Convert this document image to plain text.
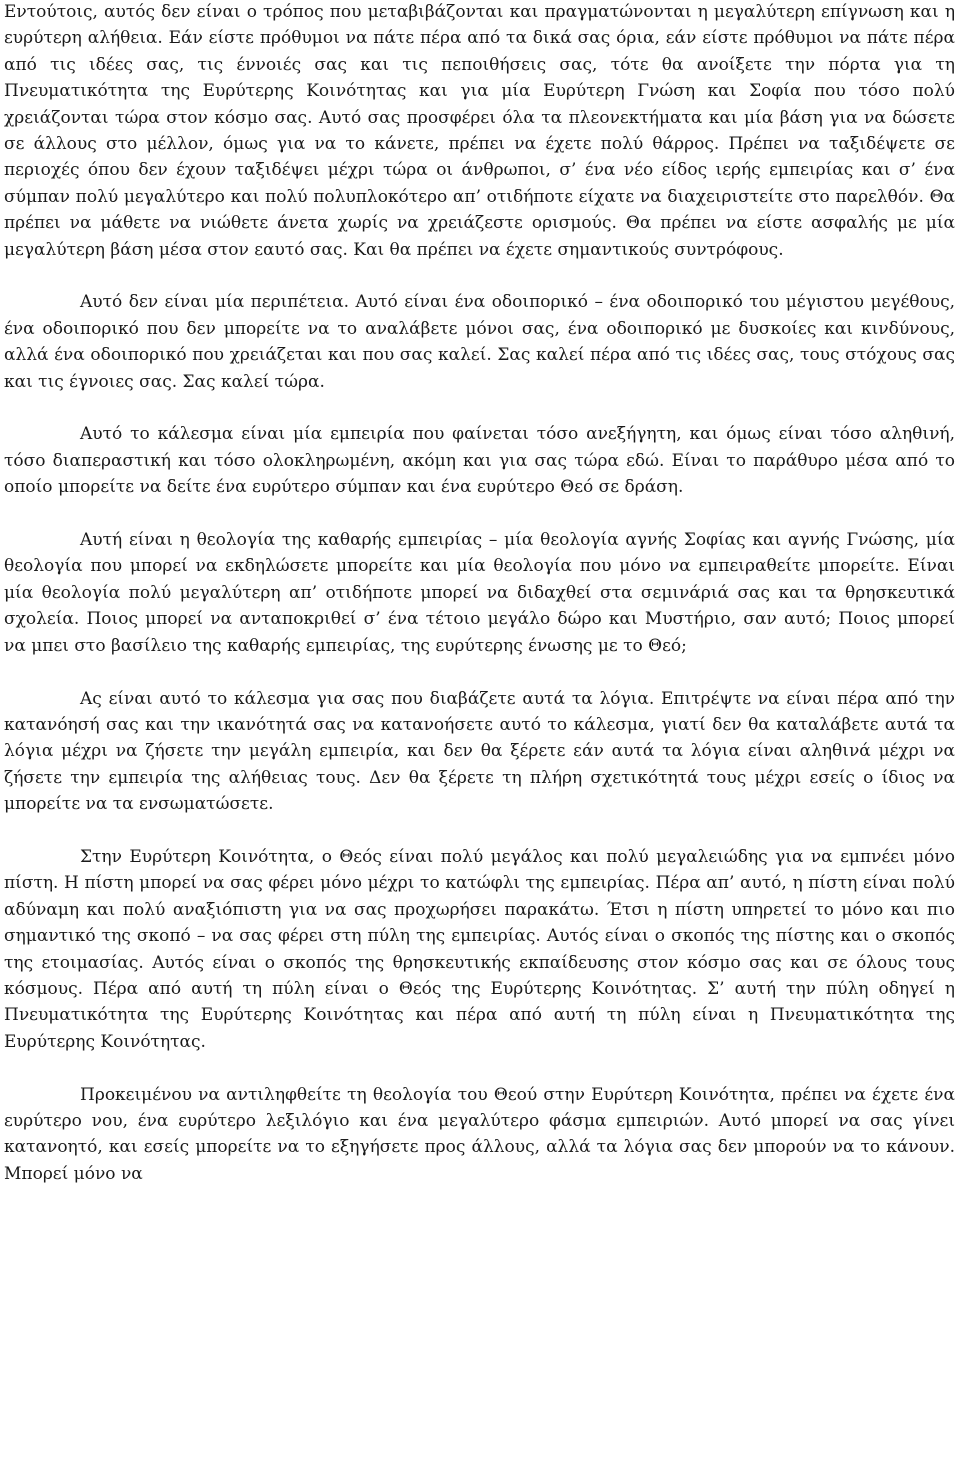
Εντούτοις, αυτός δεν είναι ο τρόπος που μεταβιβάζονται και πραγματώνονται η μεγαλύτερη επίγνωση και η ευρύτερη αλήθεια. Εάν είστε πρόθυμοι να πάτε πέρα από τα δικά σας όρια, εάν είστε πρόθυμοι να πάτε πέρα από τις ιδέες σας, τις έννοιές σας και τις πεποιθήσεις σας, τότε θα ανοίξετε την πόρτα για τη Πνευματικότητα της Ευρύτερης Κοινότητας και για μία Ευρύτερη Γνώση και Σοφία που τόσο πολύ χρειάζονται τώρα στον κόσμο σας. Αυτό σας προσφέρει όλα τα πλεονεκτήματα και μία βάση για να δώσετε σε άλλους στο μέλλον, όμως για να το κάνετε, πρέπει να έχετε πολύ θάρρος. Πρέπει να ταξιδέψετε σε περιοχές όπου δεν έχουν ταξιδέψει μέχρι τώρα οι άνθρωποι, σ’ ένα νέο είδος ιερής εμπειρίας και σ’ ένα σύμπαν πολύ μεγαλύτερο και πολύ πολυπλοκότερο απ’ οτιδήποτε είχατε να διαχειριστείτε στο παρελθόν. Θα πρέπει να μάθετε να νιώθετε άνετα χωρίς να χρειάζεστε ορισμούς. Θα πρέπει να είστε ασφαλής με μία μεγαλύτερη βάση μέσα στον εαυτό σας. Και θα πρέπει να έχετε σημαντικούς συντρόφους.

Αυτό δεν είναι μία περιπέτεια. Αυτό είναι ένα οδοιπορικό – ένα οδοιπορικό του μέγιστου μεγέθους, ένα οδοιπορικό που δεν μπορείτε να το αναλάβετε μόνοι σας, ένα οδοιπορικό με δυσκοίες και κινδύνους, αλλά ένα οδοιπορικό που χρειάζεται και που σας καλεί. Σας καλεί πέρα από τις ιδέες σας, τους στόχους σας και τις έγνοιες σας. Σας καλεί τώρα.

Αυτό το κάλεσμα είναι μία εμπειρία που φαίνεται τόσο ανεξήγητη, και όμως είναι τόσο αληθινή, τόσο διαπεραστική και τόσο ολοκληρωμένη, ακόμη και για σας τώρα εδώ. Είναι το παράθυρο μέσα από το οποίο μπορείτε να δείτε ένα ευρύτερο σύμπαν και ένα ευρύτερο Θεό σε δράση.

Αυτή είναι η θεολογία της καθαρής εμπειρίας – μία θεολογία αγνής Σοφίας και αγνής Γνώσης, μία θεολογία που μπορεί να εκδηλώσετε μπορείτε και μία θεολογία που μόνο να εμπειραθείτε μπορείτε. Είναι μία θεολογία πολύ μεγαλύτερη απ’ οτιδήποτε μπορεί να διδαχθεί στα σεμινάριά σας και τα θρησκευτικά σχολεία. Ποιος μπορεί να ανταποκριθεί σ’ ένα τέτοιο μεγάλο δώρο και Μυστήριο, σαν αυτό; Ποιος μπορεί να μπει στο βασίλειο της καθαρής εμπειρίας, της ευρύτερης ένωσης με το Θεό;

Ας είναι αυτό το κάλεσμα για σας που διαβάζετε αυτά τα λόγια. Επιτρέψτε να είναι πέρα από την κατανόησή σας και την ικανότητά σας να κατανοήσετε αυτό το κάλεσμα, γιατί δεν θα καταλάβετε αυτά τα λόγια μέχρι να ζήσετε την μεγάλη εμπειρία, και δεν θα ξέρετε εάν αυτά τα λόγια είναι αληθινά μέχρι να ζήσετε την εμπειρία της αλήθειας τους. Δεν θα ξέρετε τη πλήρη σχετικότητά τους μέχρι εσείς ο ίδιος να μπορείτε να τα ενσωματώσετε.

Στην Ευρύτερη Κοινότητα, ο Θεός είναι πολύ μεγάλος και πολύ μεγαλειώδης για να εμπνέει μόνο πίστη. Η πίστη μπορεί να σας φέρει μόνο μέχρι το κατώφλι της εμπειρίας. Πέρα απ’ αυτό, η πίστη είναι πολύ αδύναμη και πολύ αναξιόπιστη για να σας προχωρήσει παρακάτω. Έτσι η πίστη υπηρετεί το μόνο και πιο σημαντικό της σκοπό – να σας φέρει στη πύλη της εμπειρίας. Αυτός είναι ο σκοπός της πίστης και ο σκοπός της ετοιμασίας. Αυτός είναι ο σκοπός της θρησκευτικής εκπαίδευσης στον κόσμο σας και σε όλους τους κόσμους. Πέρα από αυτή τη πύλη είναι ο Θεός της Ευρύτερης Κοινότητας. Σ’ αυτή την πύλη οδηγεί η Πνευματικότητα της Ευρύτερης Κοινότητας και πέρα από αυτή τη πύλη είναι η Πνευματικότητα της Ευρύτερης Κοινότητας.

Προκειμένου να αντιληφθείτε τη θεολογία του Θεού στην Ευρύτερη Κοινότητα, πρέπει να έχετε ένα ευρύτερο νου, ένα ευρύτερο λεξιλόγιο και ένα μεγαλύτερο φάσμα εμπειριών. Αυτό μπορεί να σας γίνει κατανοητό, και εσείς μπορείτε να το εξηγήσετε προς άλλους, αλλά τα λόγια σας δεν μπορούν να το κάνουν. Μπορεί μόνο να
